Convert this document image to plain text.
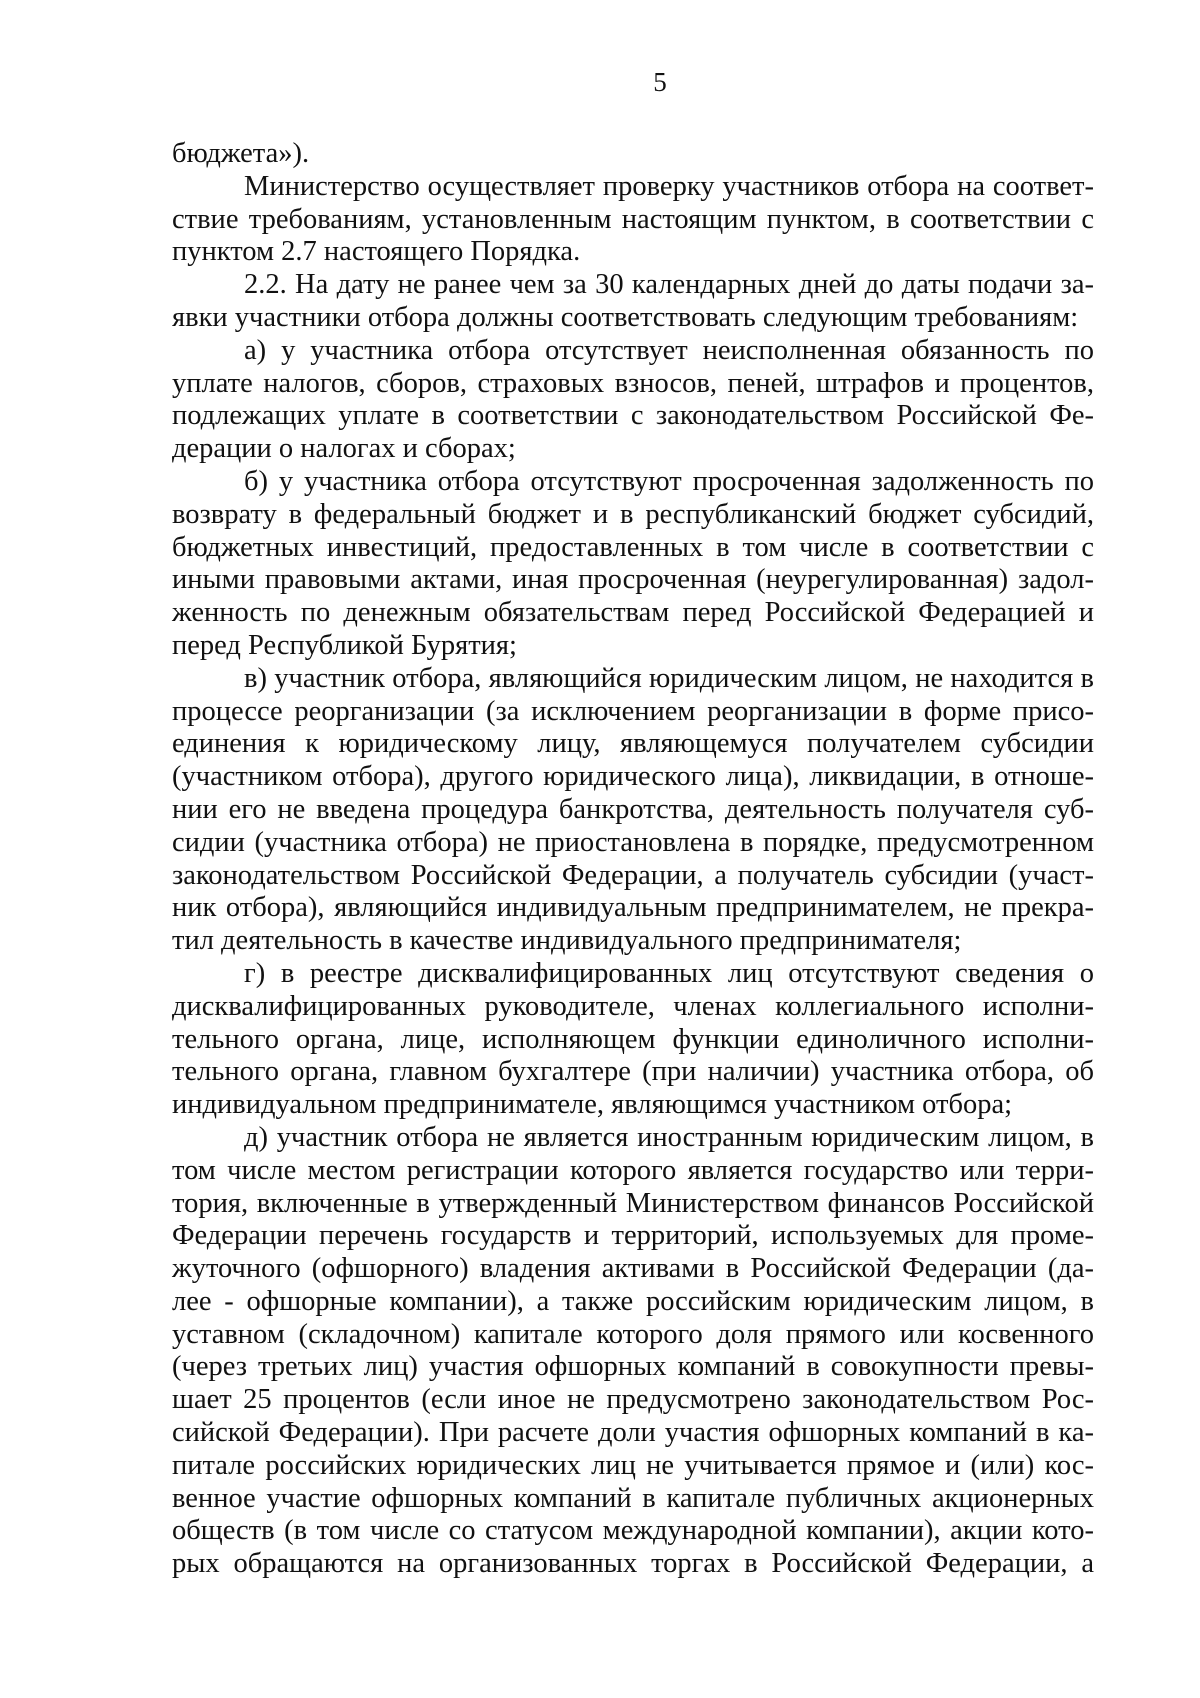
5
бюджета»).
Министерство осуществляет проверку участников отбора на соответ-
ствие требованиям, установленным настоящим пунктом, в соответствии с
пунктом 2.7 настоящего Порядка.
2.2. На дату не ранее чем за 30 календарных дней до даты подачи за-
явки участники отбора должны соответствовать следующим требованиям:
а) у участника отбора отсутствует неисполненная обязанность по
уплате налогов, сборов, страховых взносов, пеней, штрафов и процентов,
подлежащих уплате в соответствии с законодательством Российской Фе-
дерации о налогах и сборах;
б) у участника отбора отсутствуют просроченная задолженность по
возврату в федеральный бюджет и в республиканский бюджет субсидий,
бюджетных инвестиций, предоставленных в том числе в соответствии с
иными правовыми актами, иная просроченная (неурегулированная) задол-
женность по денежным обязательствам перед Российской Федерацией и
перед Республикой Бурятия;
в) участник отбора, являющийся юридическим лицом, не находится в
процессе реорганизации (за исключением реорганизации в форме присо-
единения к юридическому лицу, являющемуся получателем субсидии
(участником отбора), другого юридического лица), ликвидации, в отноше-
нии его не введена процедура банкротства, деятельность получателя суб-
сидии (участника отбора) не приостановлена в порядке, предусмотренном
законодательством Российской Федерации, а получатель субсидии (участ-
ник отбора), являющийся индивидуальным предпринимателем, не прекра-
тил деятельность в качестве индивидуального предпринимателя;
г) в реестре дисквалифицированных лиц отсутствуют сведения о
дисквалифицированных руководителе, членах коллегиального исполни-
тельного органа, лице, исполняющем функции единоличного исполни-
тельного органа, главном бухгалтере (при наличии) участника отбора, об
индивидуальном предпринимателе, являющимся участником отбора;
д) участник отбора не является иностранным юридическим лицом, в
том числе местом регистрации которого является государство или терри-
тория, включенные в утвержденный Министерством финансов Российской
Федерации перечень государств и территорий, используемых для проме-
жуточного (офшорного) владения активами в Российской Федерации (да-
лее - офшорные компании), а также российским юридическим лицом, в
уставном (складочном) капитале которого доля прямого или косвенного
(через третьих лиц) участия офшорных компаний в совокупности превы-
шает 25 процентов (если иное не предусмотрено законодательством Рос-
сийской Федерации). При расчете доли участия офшорных компаний в ка-
питале российских юридических лиц не учитывается прямое и (или) кос-
венное участие офшорных компаний в капитале публичных акционерных
обществ (в том числе со статусом международной компании), акции кото-
рых обращаются на организованных торгах в Российской Федерации, а
